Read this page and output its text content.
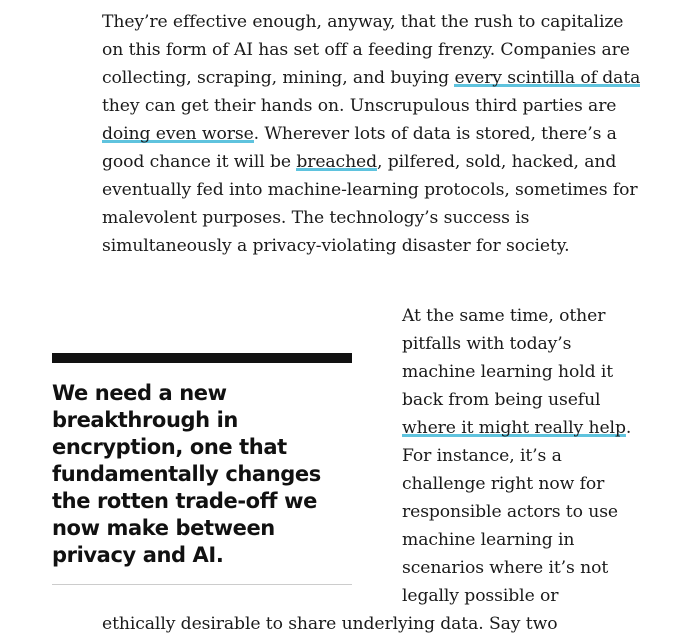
They’re effective enough, anyway, that the rush to capitalize on this form of AI has set off a feeding frenzy. Companies are collecting, scraping, mining, and buying every scintilla of data they can get their hands on. Unscrupulous third parties are doing even worse. Wherever lots of data is stored, there’s a good chance it will be breached, pilfered, sold, hacked, and eventually fed into machine-learning protocols, sometimes for malevolent purposes. The technology’s success is simultaneously a privacy-violating disaster for society.

We need a new breakthrough in encryption, one that fundamentally changes the rotten trade-off we now make between privacy and AI.

At the same time, other pitfalls with today’s machine learning hold it back from being useful where it might really help. For instance, it’s a challenge right now for responsible actors to use machine learning in scenarios where it’s not legally possible or

ethically desirable to share underlying data. Say two
